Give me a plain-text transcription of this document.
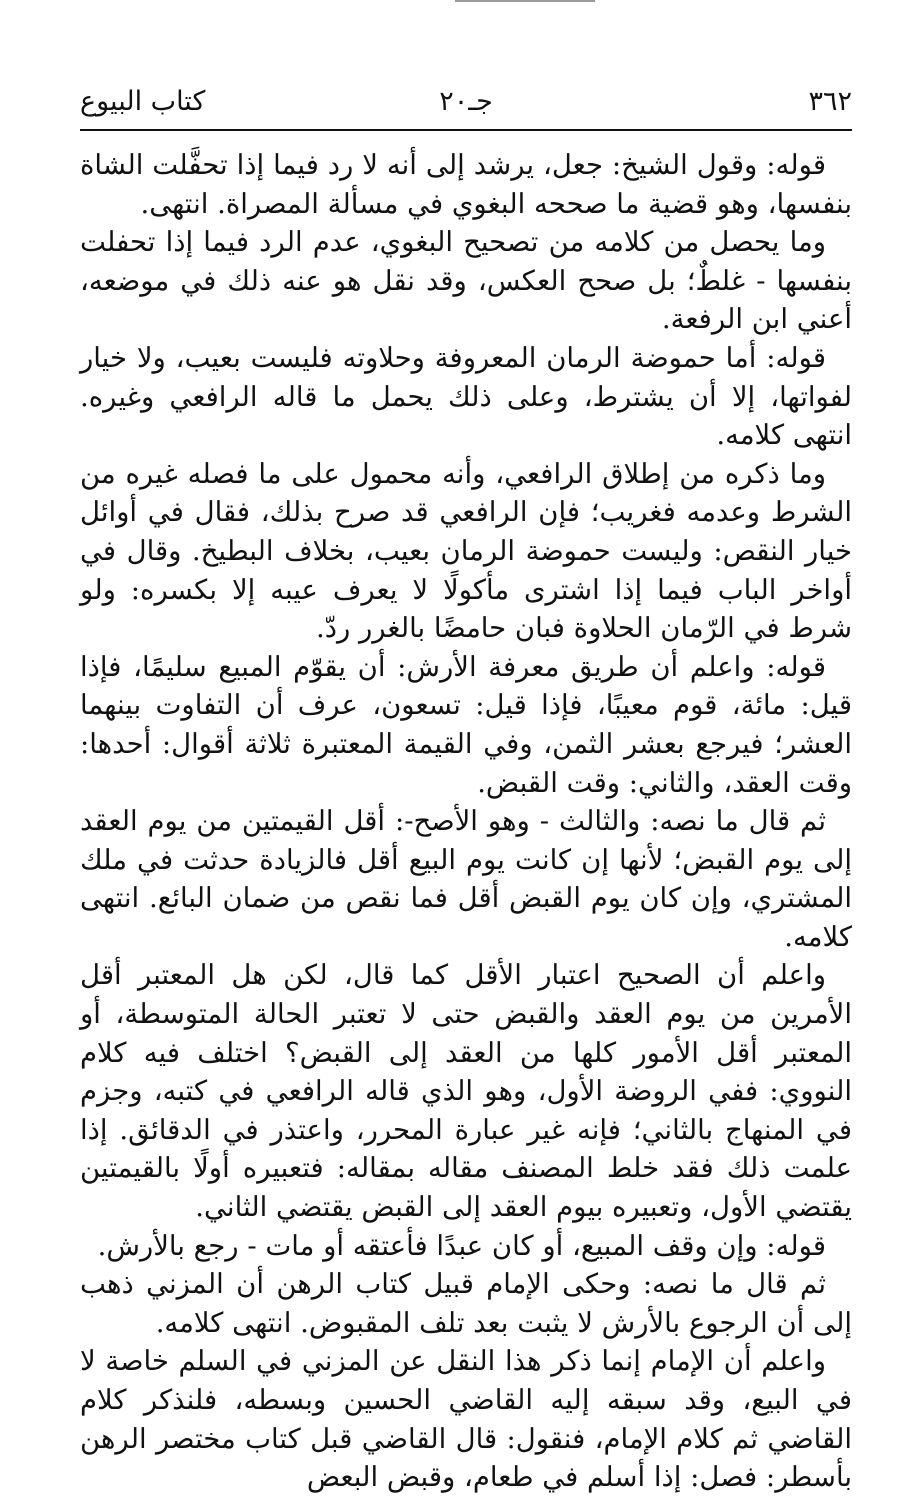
٣٦٢
جـ٢٠
كتاب البيوع

قوله: وقول الشيخ: جعل، يرشد إلى أنه لا رد فيما إذا تحفَّلت الشاة بنفسها، وهو قضية ما صححه البغوي في مسألة المصراة. انتهى.

وما يحصل من كلامه من تصحيح البغوي، عدم الرد فيما إذا تحفلت بنفسها - غلطٌ؛ بل صحح العكس، وقد نقل هو عنه ذلك في موضعه، أعني ابن الرفعة.

قوله: أما حموضة الرمان المعروفة وحلاوته فليست بعيب، ولا خيار لفواتها، إلا أن يشترط، وعلى ذلك يحمل ما قاله الرافعي وغيره. انتهى كلامه.

وما ذكره من إطلاق الرافعي، وأنه محمول على ما فصله غيره من الشرط وعدمه فغريب؛ فإن الرافعي قد صرح بذلك، فقال في أوائل خيار النقص: وليست حموضة الرمان بعيب، بخلاف البطيخ. وقال في أواخر الباب فيما إذا اشترى مأكولًا لا يعرف عيبه إلا بكسره: ولو شرط في الرّمان الحلاوة فبان حامضًا بالغرر ردّ.

قوله: واعلم أن طريق معرفة الأرش: أن يقوّم المبيع سليمًا، فإذا قيل: مائة، قوم معيبًا، فإذا قيل: تسعون، عرف أن التفاوت بينهما العشر؛ فيرجع بعشر الثمن، وفي القيمة المعتبرة ثلاثة أقوال: أحدها: وقت العقد، والثاني: وقت القبض.

ثم قال ما نصه: والثالث - وهو الأصح-: أقل القيمتين من يوم العقد إلى يوم القبض؛ لأنها إن كانت يوم البيع أقل فالزيادة حدثت في ملك المشتري، وإن كان يوم القبض أقل فما نقص من ضمان البائع. انتهى كلامه.

واعلم أن الصحيح اعتبار الأقل كما قال، لكن هل المعتبر أقل الأمرين من يوم العقد والقبض حتى لا تعتبر الحالة المتوسطة، أو المعتبر أقل الأمور كلها من العقد إلى القبض؟ اختلف فيه كلام النووي: ففي الروضة الأول، وهو الذي قاله الرافعي في كتبه، وجزم في المنهاج بالثاني؛ فإنه غير عبارة المحرر، واعتذر في الدقائق. إذا علمت ذلك فقد خلط المصنف مقاله بمقاله: فتعبيره أولًا بالقيمتين يقتضي الأول، وتعبيره بيوم العقد إلى القبض يقتضي الثاني.

قوله: وإن وقف المبيع، أو كان عبدًا فأعتقه أو مات - رجع بالأرش.

ثم قال ما نصه: وحكى الإمام قبيل كتاب الرهن أن المزني ذهب إلى أن الرجوع بالأرش لا يثبت بعد تلف المقبوض. انتهى كلامه.

واعلم أن الإمام إنما ذكر هذا النقل عن المزني في السلم خاصة لا في البيع، وقد سبقه إليه القاضي الحسين وبسطه، فلنذكر كلام القاضي ثم كلام الإمام، فنقول: قال القاضي قبل كتاب مختصر الرهن بأسطر: فصل: إذا أسلم في طعام، وقبض البعض
